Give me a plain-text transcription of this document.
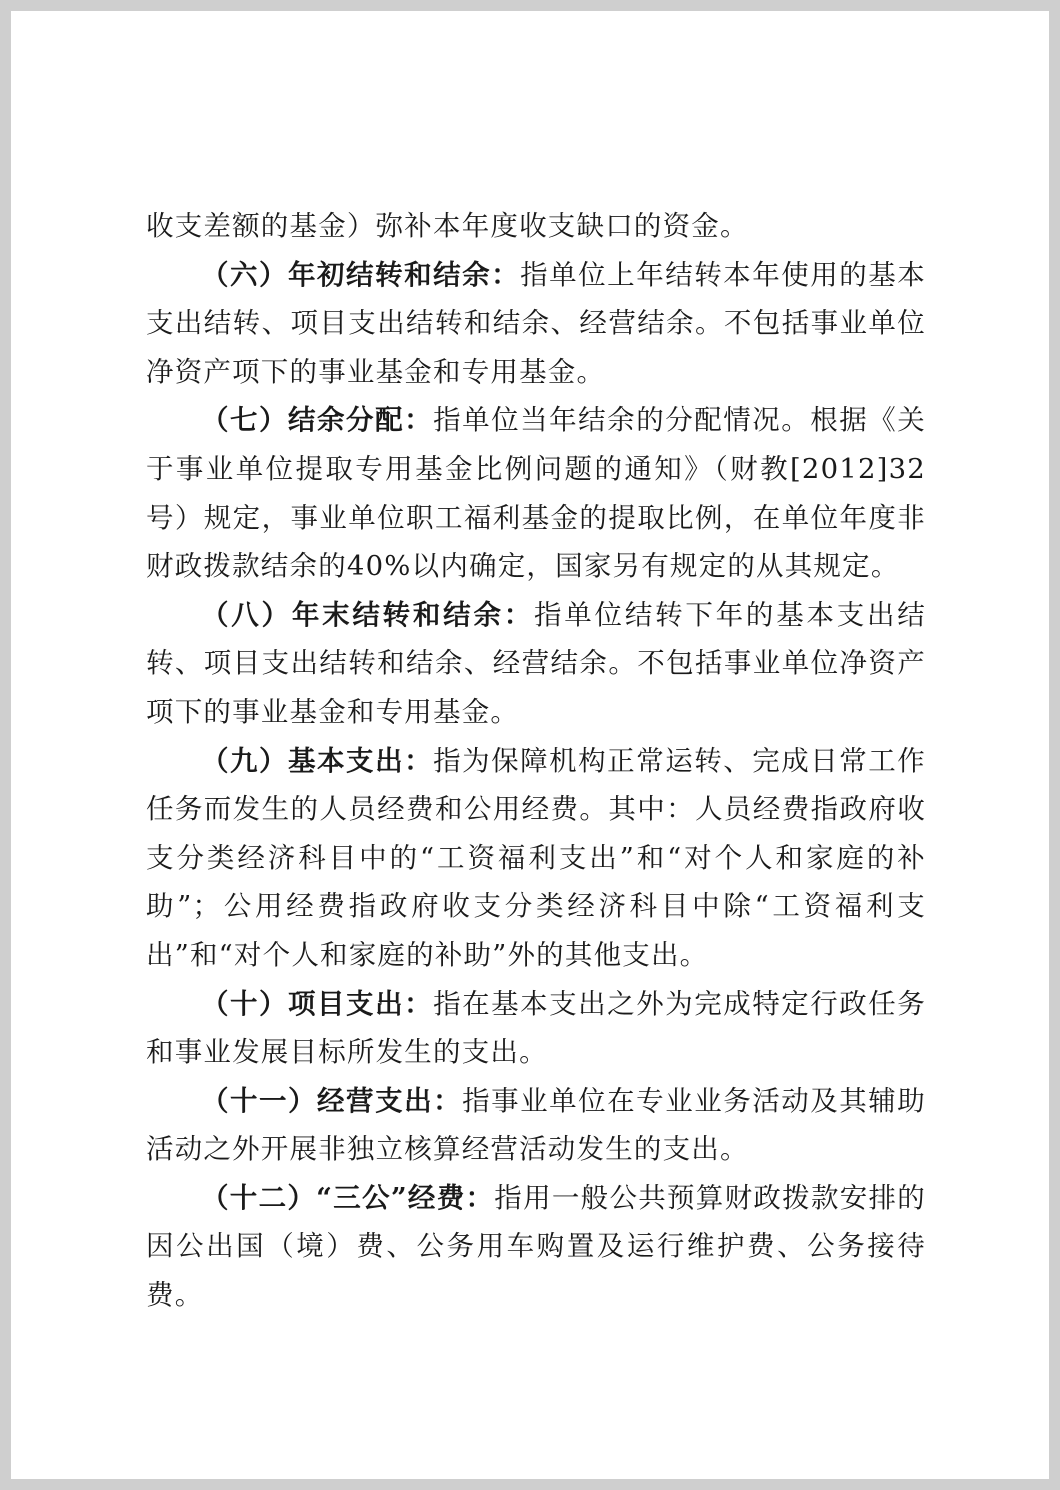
收支差额的基金）弥补本年度收支缺口的资金。

（六）年初结转和结余：指单位上年结转本年使用的基本支出结转、项目支出结转和结余、经营结余。不包括事业单位净资产项下的事业基金和专用基金。

（七）结余分配：指单位当年结余的分配情况。根据《关于事业单位提取专用基金比例问题的通知》（财教[2012]32号）规定，事业单位职工福利基金的提取比例，在单位年度非财政拨款结余的40%以内确定，国家另有规定的从其规定。

（八）年末结转和结余：指单位结转下年的基本支出结转、项目支出结转和结余、经营结余。不包括事业单位净资产项下的事业基金和专用基金。

（九）基本支出：指为保障机构正常运转、完成日常工作任务而发生的人员经费和公用经费。其中：人员经费指政府收支分类经济科目中的“工资福利支出”和“对个人和家庭的补助”；公用经费指政府收支分类经济科目中除“工资福利支出”和“对个人和家庭的补助”外的其他支出。

（十）项目支出：指在基本支出之外为完成特定行政任务和事业发展目标所发生的支出。

（十一）经营支出：指事业单位在专业业务活动及其辅助活动之外开展非独立核算经营活动发生的支出。

（十二）“三公”经费：指用一般公共预算财政拨款安排的因公出国（境）费、公务用车购置及运行维护费、公务接待费。
